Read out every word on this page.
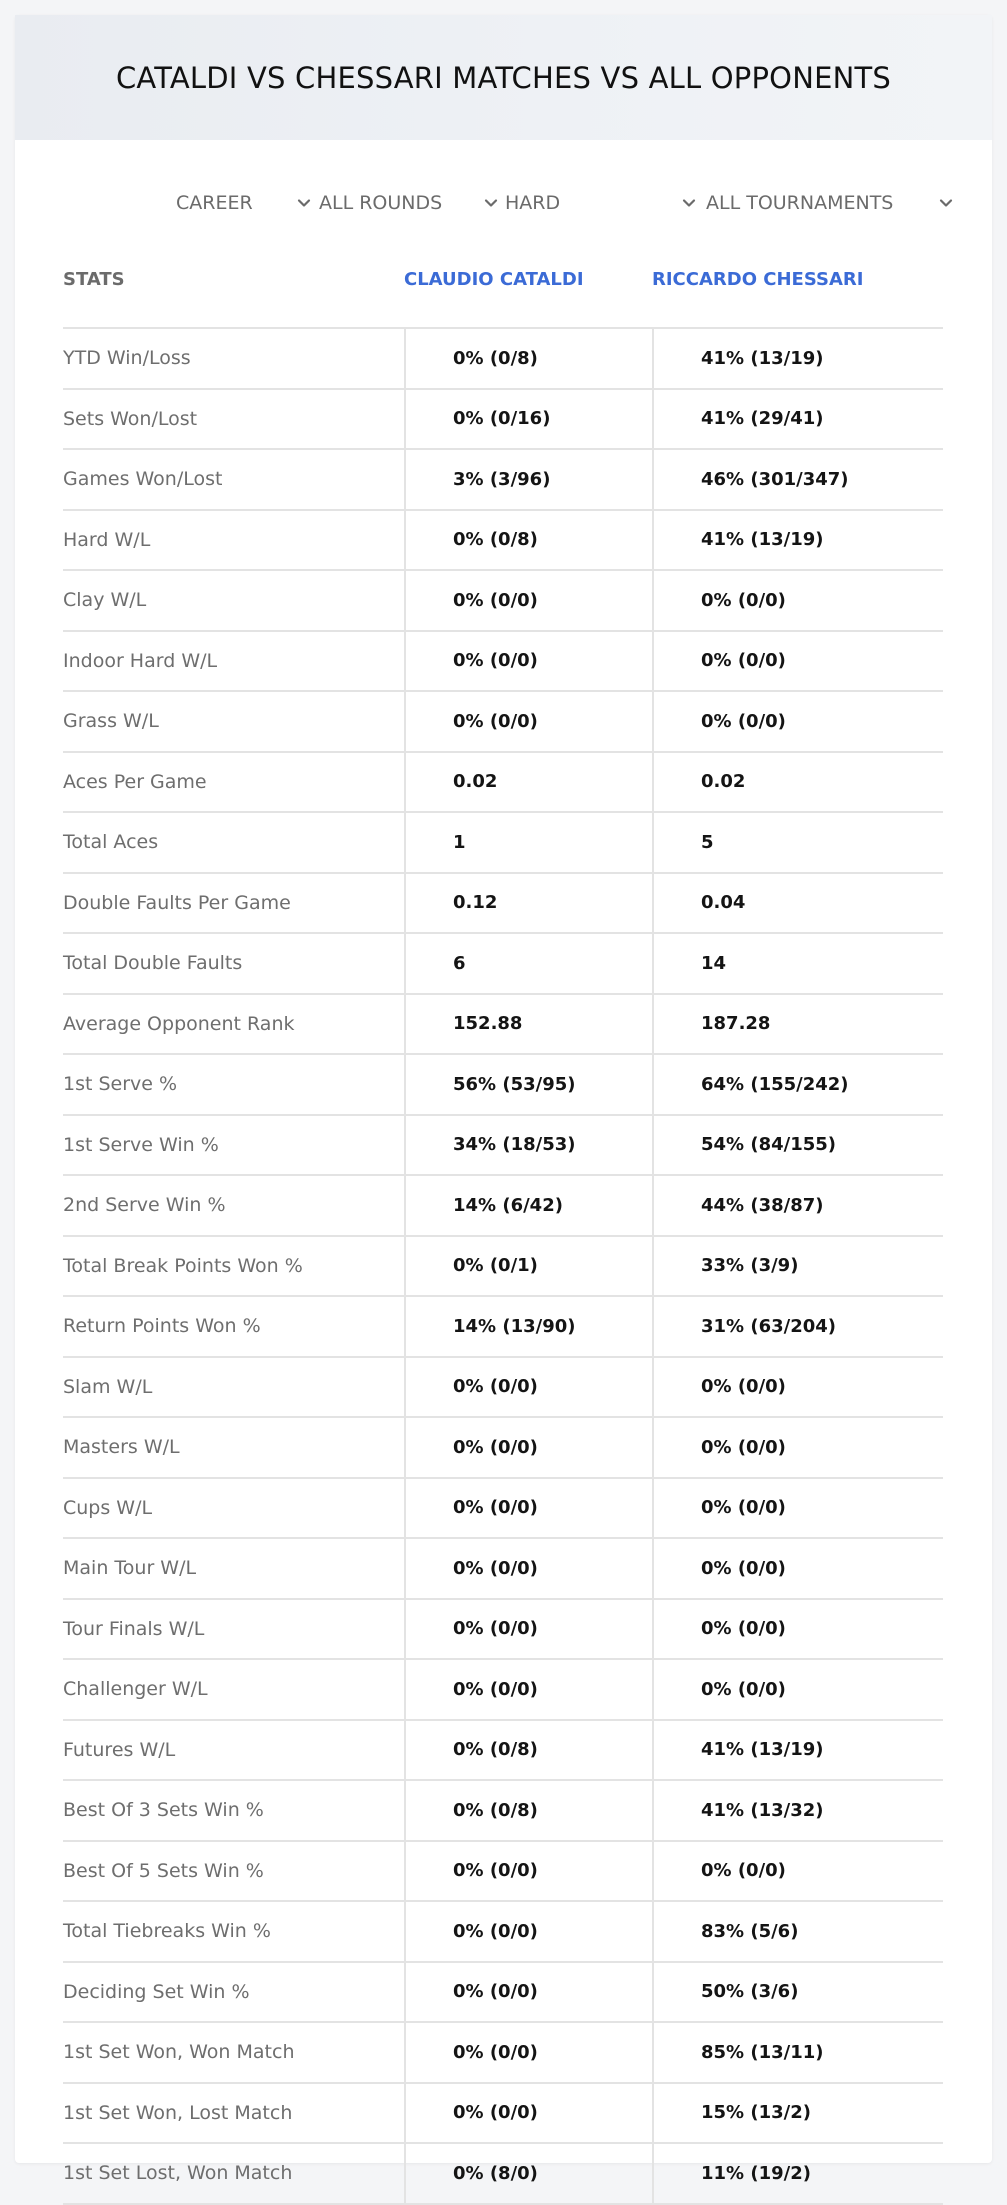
CATALDI VS CHESSARI MATCHES VS ALL OPPONENTS
CAREER	ALL ROUNDS	HARD	ALL TOURNAMENTS
STATS	CLAUDIO CATALDI	RICCARDO CHESSARI
YTD Win/Loss	0% (0/8)	41% (13/19)
Sets Won/Lost	0% (0/16)	41% (29/41)
Games Won/Lost	3% (3/96)	46% (301/347)
Hard W/L	0% (0/8)	41% (13/19)
Clay W/L	0% (0/0)	0% (0/0)
Indoor Hard W/L	0% (0/0)	0% (0/0)
Grass W/L	0% (0/0)	0% (0/0)
Aces Per Game	0.02	0.02
Total Aces	1	5
Double Faults Per Game	0.12	0.04
Total Double Faults	6	14
Average Opponent Rank	152.88	187.28
1st Serve %	56% (53/95)	64% (155/242)
1st Serve Win %	34% (18/53)	54% (84/155)
2nd Serve Win %	14% (6/42)	44% (38/87)
Total Break Points Won %	0% (0/1)	33% (3/9)
Return Points Won %	14% (13/90)	31% (63/204)
Slam W/L	0% (0/0)	0% (0/0)
Masters W/L	0% (0/0)	0% (0/0)
Cups W/L	0% (0/0)	0% (0/0)
Main Tour W/L	0% (0/0)	0% (0/0)
Tour Finals W/L	0% (0/0)	0% (0/0)
Challenger W/L	0% (0/0)	0% (0/0)
Futures W/L	0% (0/8)	41% (13/19)
Best Of 3 Sets Win %	0% (0/8)	41% (13/32)
Best Of 5 Sets Win %	0% (0/0)	0% (0/0)
Total Tiebreaks Win %	0% (0/0)	83% (5/6)
Deciding Set Win %	0% (0/0)	50% (3/6)
1st Set Won, Won Match	0% (0/0)	85% (13/11)
1st Set Won, Lost Match	0% (0/0)	15% (13/2)
1st Set Lost, Won Match	0% (8/0)	11% (19/2)
